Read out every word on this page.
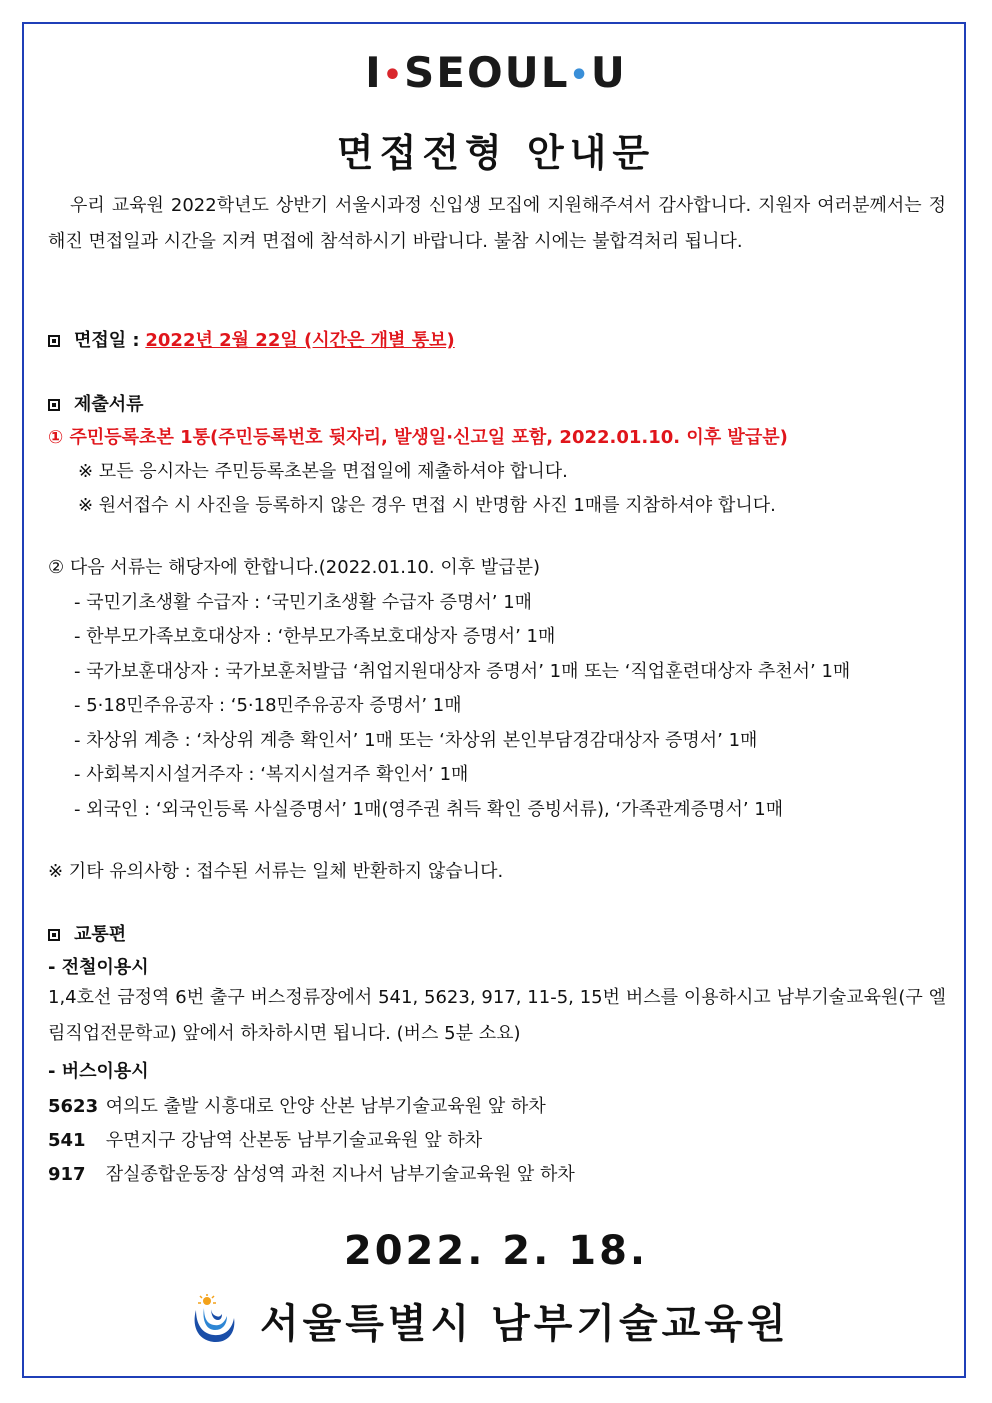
I•SEOUL•U
면접전형 안내문
우리 교육원 2022학년도 상반기 서울시과정 신입생 모집에 지원해주셔서 감사합니다. 지원자 여러분께서는 정해진 면접일과 시간을 지켜 면접에 참석하시기 바랍니다. 불참 시에는 불합격처리 됩니다.
면접일 : 2022년 2월 22일 (시간은 개별 통보)
제출서류
① 주민등록초본 1통(주민등록번호 뒷자리, 발생일·신고일 포함, 2022.01.10. 이후 발급분)
※ 모든 응시자는 주민등록초본을 면접일에 제출하셔야 합니다.
※ 원서접수 시 사진을 등록하지 않은 경우 면접 시 반명함 사진 1매를 지참하셔야 합니다.
② 다음 서류는 해당자에 한합니다.(2022.01.10. 이후 발급분)
- 국민기초생활 수급자 : ‘국민기초생활 수급자 증명서’ 1매
- 한부모가족보호대상자 : ‘한부모가족보호대상자 증명서’ 1매
- 국가보훈대상자 : 국가보훈처발급 ‘취업지원대상자 증명서’ 1매 또는 ‘직업훈련대상자 추천서’ 1매
- 5·18민주유공자 : ‘5·18민주유공자 증명서’ 1매
- 차상위 계층 : ‘차상위 계층 확인서’ 1매 또는 ‘차상위 본인부담경감대상자 증명서’ 1매
- 사회복지시설거주자 : ‘복지시설거주 확인서’ 1매
- 외국인 : ‘외국인등록 사실증명서’ 1매(영주권 취득 확인 증빙서류), ‘가족관계증명서’ 1매
※ 기타 유의사항 : 접수된 서류는 일체 반환하지 않습니다.
교통편
- 전철이용시
1,4호선 금정역 6번 출구 버스정류장에서 541, 5623, 917, 11-5, 15번 버스를 이용하시고 남부기술교육원(구 엘림직업전문학교) 앞에서 하차하시면 됩니다. (버스 5분 소요)
- 버스이용시
5623 여의도 출발 시흥대로 안양 산본 남부기술교육원 앞 하차
541 우면지구 강남역 산본동 남부기술교육원 앞 하차
917 잠실종합운동장 삼성역 과천 지나서 남부기술교육원 앞 하차
2022. 2. 18.
서울특별시 남부기술교육원
